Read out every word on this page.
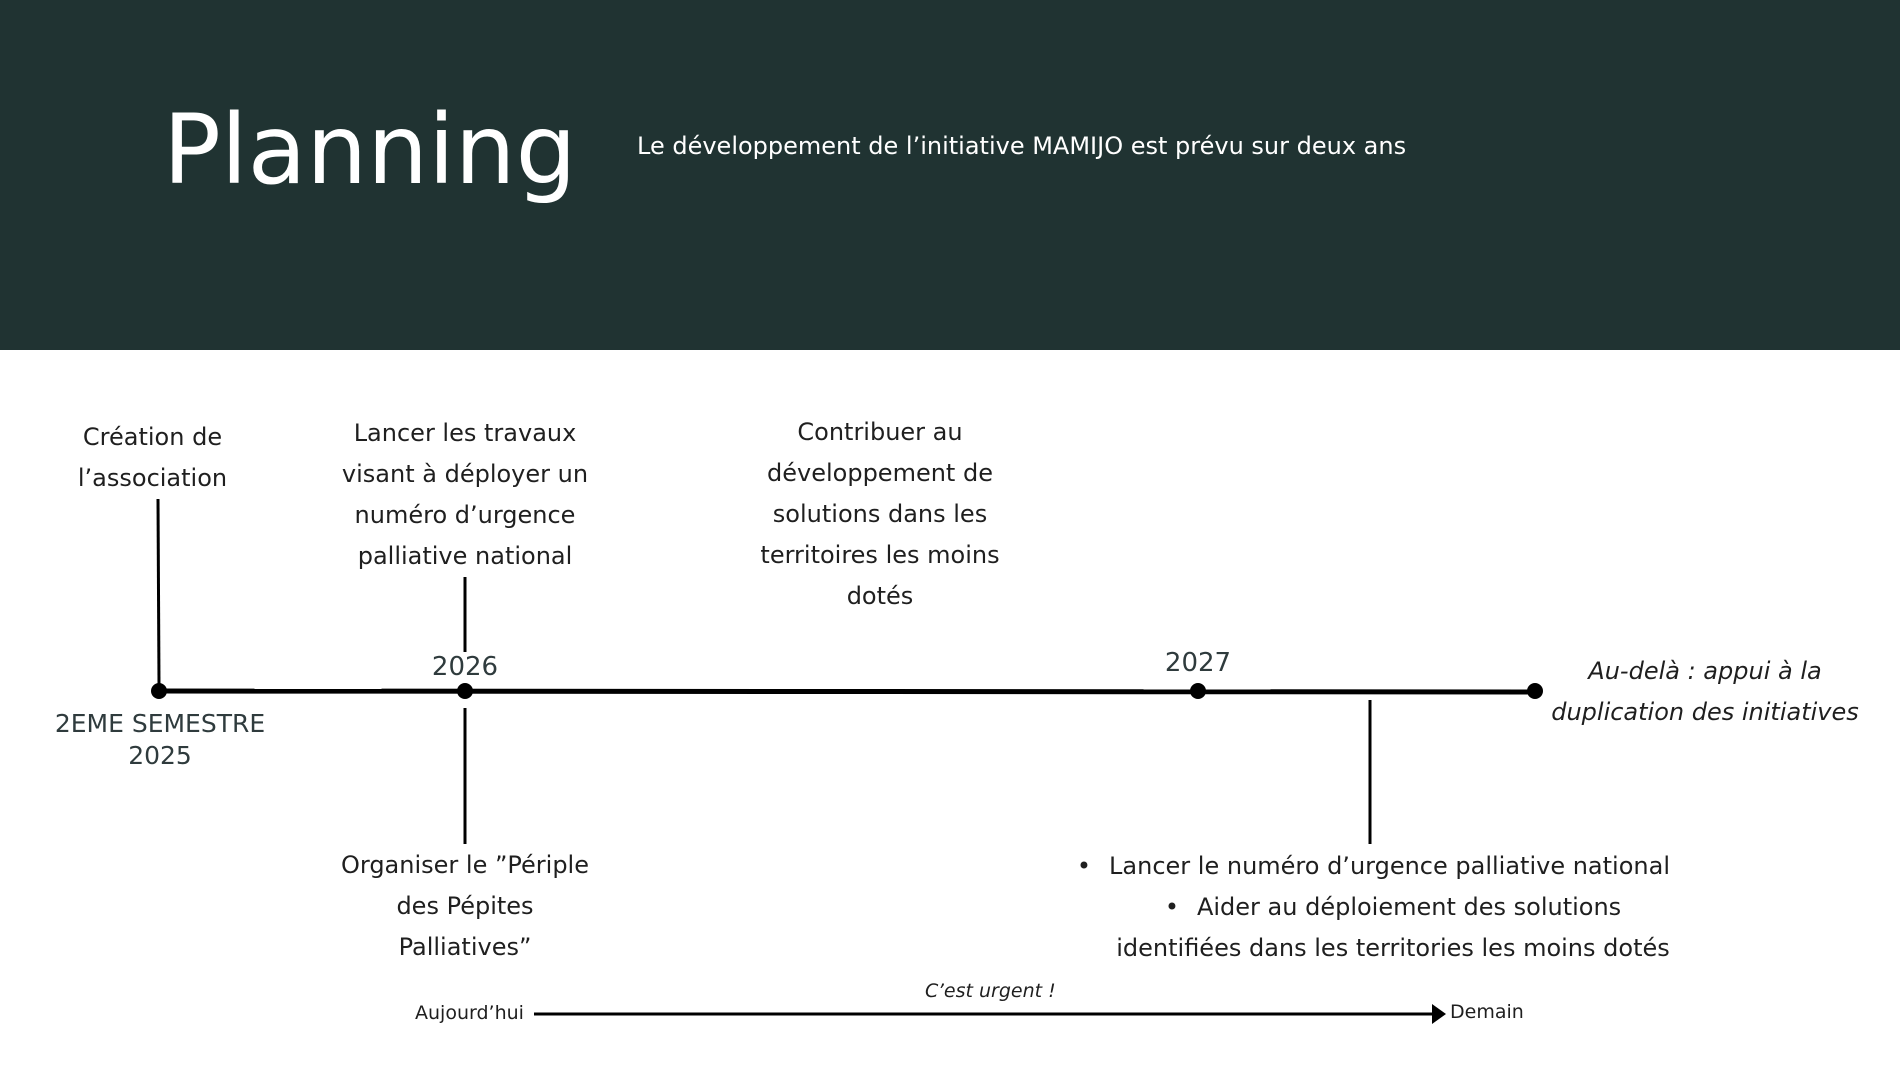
Planning	Le développement de l’initiative MAMIJO est prévu sur deux ans
Création de
l’association
Lancer les travaux
visant à déployer un
numéro d’urgence
palliative national
Contribuer au
développement de
solutions dans les
territoires les moins
dotés
2026	2027
2EME SEMESTRE
2025
Au-delà : appui à la
duplication des initiatives
Organiser le ”Périple
des Pépites
Palliatives”
• Lancer le numéro d’urgence palliative national
• Aider au déploiement des solutions identifiées dans les territories les moins dotés
Aujourd’hui	Demain
C’est urgent !
